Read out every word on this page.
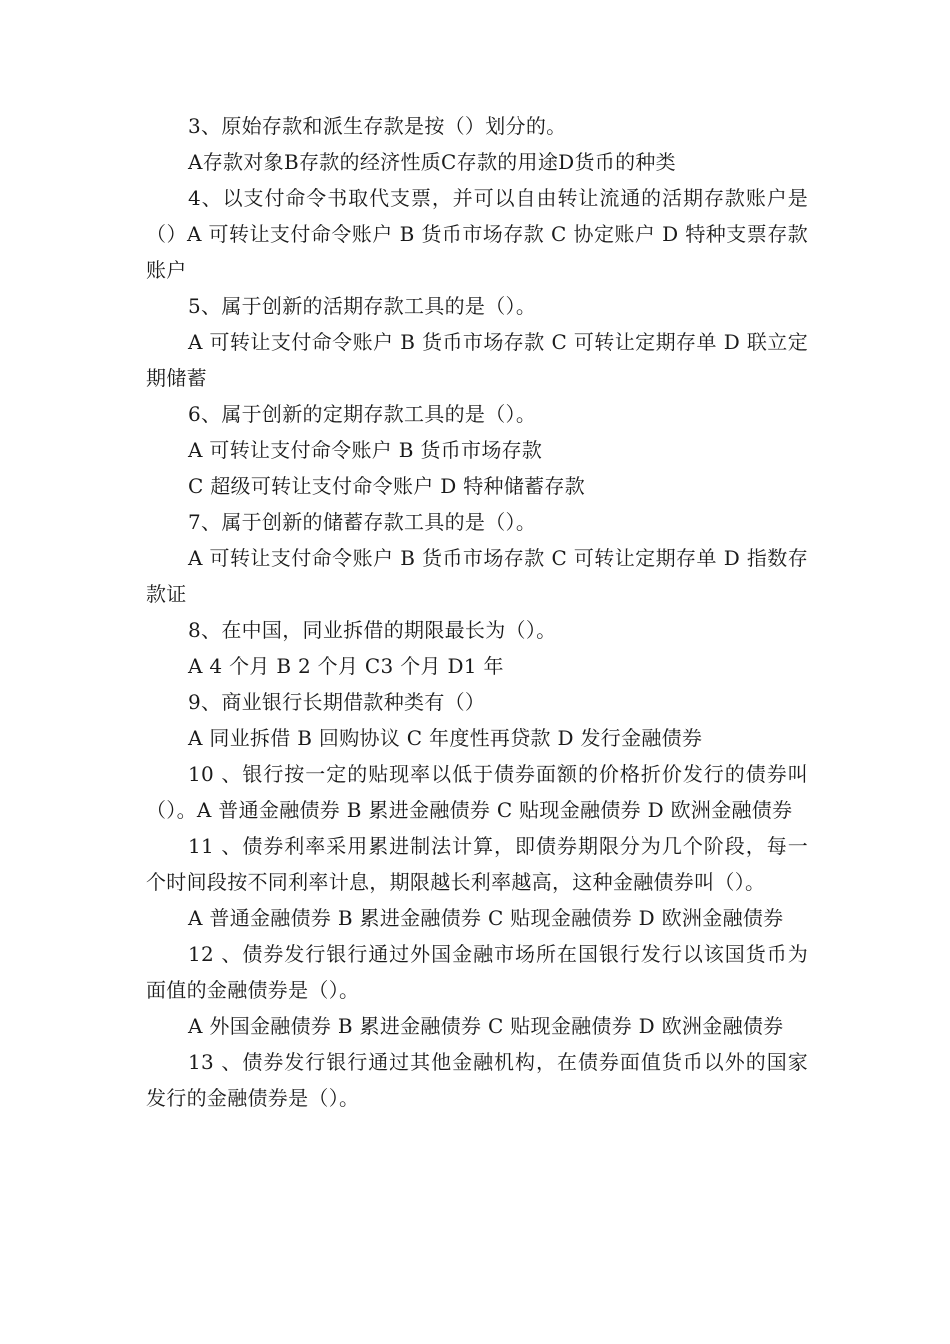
3、原始存款和派生存款是按（）划分的。

A存款对象B存款的经济性质C存款的用途D货币的种类

4、以支付命令书取代支票，并可以自由转让流通的活期存款账户是（）A 可转让支付命令账户 B 货币市场存款 C 协定账户 D 特种支票存款账户

5、属于创新的活期存款工具的是（）。

A 可转让支付命令账户 B 货币市场存款 C 可转让定期存单 D 联立定期储蓄

6、属于创新的定期存款工具的是（）。

A 可转让支付命令账户 B 货币市场存款

C 超级可转让支付命令账户 D 特种储蓄存款

7、属于创新的储蓄存款工具的是（）。

A 可转让支付命令账户 B 货币市场存款 C 可转让定期存单 D 指数存款证

8、在中国，同业拆借的期限最长为（）。

A 4 个月 B 2 个月 C3 个月 D1 年

9、商业银行长期借款种类有（）

A 同业拆借 B 回购协议 C 年度性再贷款 D 发行金融债券

10 、银行按一定的贴现率以低于债券面额的价格折价发行的债券叫（）。A 普通金融债券 B 累进金融债券 C 贴现金融债券 D 欧洲金融债券

11 、债券利率采用累进制法计算，即债券期限分为几个阶段，每一个时间段按不同利率计息，期限越长利率越高，这种金融债券叫（）。

A 普通金融债券 B 累进金融债券 C 贴现金融债券 D 欧洲金融债券

12 、债券发行银行通过外国金融市场所在国银行发行以该国货币为面值的金融债券是（）。

A 外国金融债券 B 累进金融债券 C 贴现金融债券 D 欧洲金融债券

13 、债券发行银行通过其他金融机构，在债券面值货币以外的国家发行的金融债券是（）。
